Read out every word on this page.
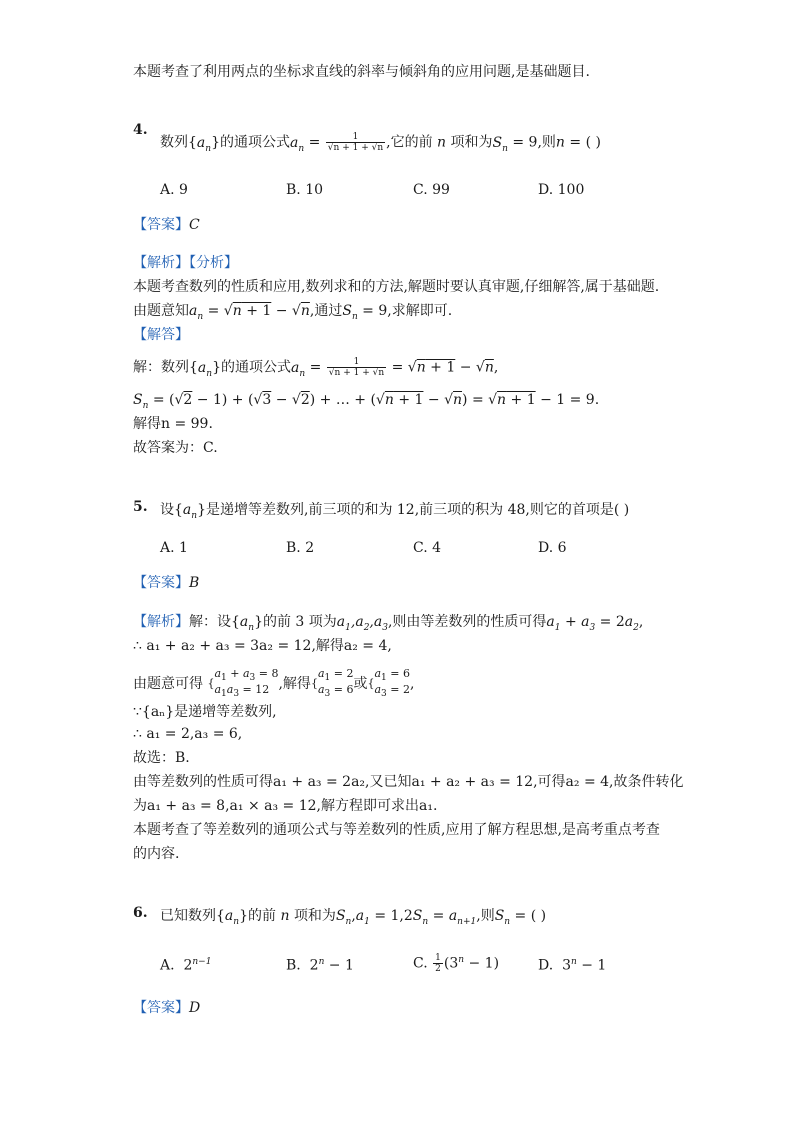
本题考查了利用两点的坐标求直线的斜率与倾斜角的应用问题,是基础题目.
4.
数列$\{a_n\}$的通项公式$a_n = \frac{1}{√n + 1 + √n}$ ,它的前 n 项和为$S_n = 9$,则n = ( )
A. 9	B. 10	C. 99	D. 100
【答案】C
【解析】【分析】
本题考查数列的性质和应用,数列求和的方法,解题时要认真审题,仔细解答,属于基础题.
由题意知$a_n = √n + 1 - √n$,通过$S_n = 9$,求解即可.
【解答】
解：数列$\{a_n\}$的通项公式$a_n = \frac{1}{√n + 1 + √n} = √n + 1 - √n$,
$S_n = (√2 - 1) + (√3 - √2)$ + … + (√n + 1 − √n) = √n + 1 − 1 = 9.
解得n = 99.
故答案为：C.
5. 设$\{a_n\}$是递增等差数列,前三项的和为 12,前三项的积为 48,则它的首项是( )
A. 1	B. 2	C. 4	D. 6
【答案】B
【解析】解：设$\{a_n\}$的前 3 项为$a_1,a_2,a_3$,则由等差数列的性质可得$a_1 + a_3 = 2a_2$,
∴ a₁ + a₂ + a₃ = 3a₂ = 12,解得a₂ = 4,
由题意可得 {$a_1 + a_3 = 8$
$a_1a_3 = 12$ ,解得{$a_1 = 2$
$a_3 = 6$或{$a_1 = 6$
$a_3 = 2$,
∵{aₙ}是递增等差数列,
∴ a₁ = 2,a₃ = 6,
故选：B.
由等差数列的性质可得a₁ + a₃ = 2a₂,又已知a₁ + a₂ + a₃ = 12,可得a₂ = 4,故条件转化
为a₁ + a₃ = 8,a₁ × a₃ = 12,解方程即可求出a₁.
本题考查了等差数列的通项公式与等差数列的性质,应用了解方程思想,是高考重点考查
的内容.
6. 已知数列$\{a_n\}$的前 n 项和为$S_n,a_1 = 1,2S_n = a_{n+1}$,则$S_n$ = ( )
A.  $2^{n-1}$	B.  $2^n - 1$	C. $\frac{1}{2} (3^n - 1)$	D.  $3^n - 1$
【答案】D
